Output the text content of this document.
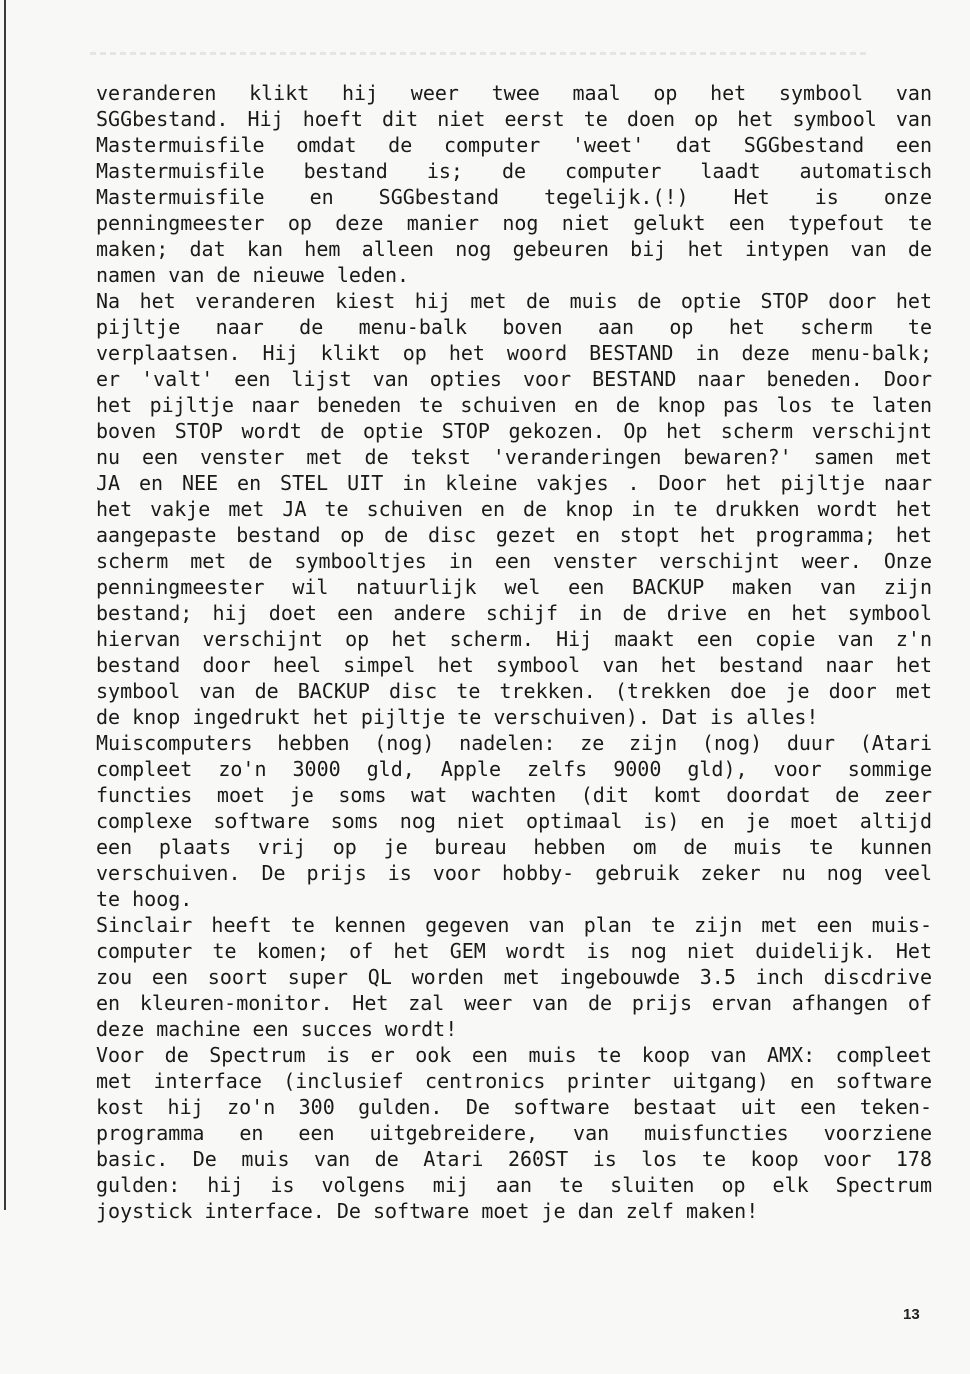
veranderen klikt hij weer twee maal op het symbool van
SGGbestand. Hij hoeft dit niet eerst te doen op het symbool van
Mastermuisfile omdat de computer 'weet' dat SGGbestand een
Mastermuisfile bestand is; de computer laadt automatisch
Mastermuisfile en SGGbestand tegelijk.(!) Het is onze
penningmeester op deze manier nog niet gelukt een typefout te
maken; dat kan hem alleen nog gebeuren bij het intypen van de
namen van de nieuwe leden.
Na het veranderen kiest hij met de muis de optie STOP door het
pijltje naar de menu-balk boven aan op het scherm te
verplaatsen. Hij klikt op het woord BESTAND in deze menu-balk;
er 'valt' een lijst van opties voor BESTAND naar beneden. Door
het pijltje naar beneden te schuiven en de knop pas los te laten
boven STOP wordt de optie STOP gekozen. Op het scherm verschijnt
nu een venster met de tekst 'veranderingen bewaren?' samen met
JA en NEE en STEL UIT in kleine vakjes . Door het pijltje naar
het vakje met JA te schuiven en de knop in te drukken wordt het
aangepaste bestand op de disc gezet en stopt het programma; het
scherm met de symbooltjes in een venster verschijnt weer. Onze
penningmeester wil natuurlijk wel een BACKUP maken van zijn
bestand; hij doet een andere schijf in de drive en het symbool
hiervan verschijnt op het scherm. Hij maakt een copie van z'n
bestand door heel simpel het symbool van het bestand naar het
symbool van de BACKUP disc te trekken. (trekken doe je door met
de knop ingedrukt het pijltje te verschuiven). Dat is alles!
Muiscomputers hebben (nog) nadelen: ze zijn (nog) duur (Atari
compleet zo'n 3000 gld, Apple zelfs 9000 gld), voor sommige
functies moet je soms wat wachten (dit komt doordat de zeer
complexe software soms nog niet optimaal is) en je moet altijd
een plaats vrij op je bureau hebben om de muis te kunnen
verschuiven. De prijs is voor hobby- gebruik zeker nu nog veel
te hoog.
Sinclair heeft te kennen gegeven van plan te zijn met een muis-
computer te komen; of het GEM wordt is nog niet duidelijk. Het
zou een soort super QL worden met ingebouwde 3.5 inch discdrive
en kleuren-monitor. Het zal weer van de prijs ervan afhangen of
deze machine een succes wordt!
Voor de Spectrum is er ook een muis te koop van AMX: compleet
met interface (inclusief centronics printer uitgang) en software
kost hij zo'n 300 gulden. De software bestaat uit een teken-
programma en een uitgebreidere, van muisfuncties voorziene
basic. De muis van de Atari 260ST is los te koop voor 178
gulden: hij is volgens mij aan te sluiten op elk Spectrum
joystick interface. De software moet je dan zelf maken!
13
